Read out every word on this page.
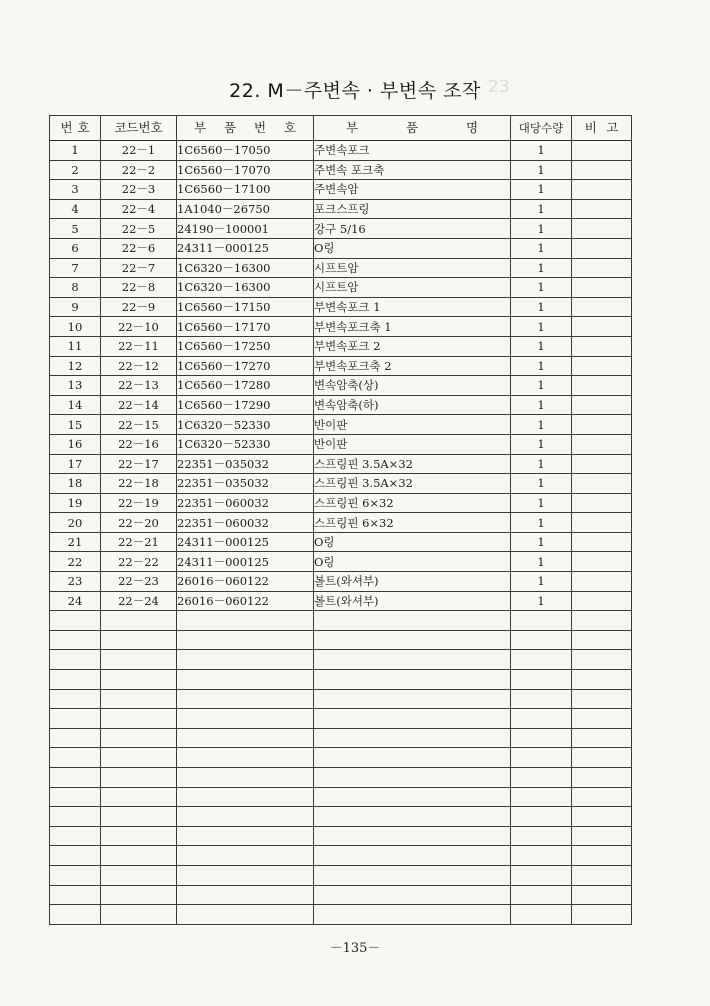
23
22. M－주변속 · 부변속 조작
번 호	코드번호	부 품 번 호	부 품 명	대당수량	비 고

1	22－1	1C6560－17050	주변속포크	1	
2	22－2	1C6560－17070	주변속 포크축	1	
3	22－3	1C6560－17100	주변속암	1	
4	22－4	1A1040－26750	포크스프링	1	
5	22－5	24190－100001	강구 5/16	1	
6	22－6	24311－000125	O링	1	
7	22－7	1C6320－16300	시프트암	1	
8	22－8	1C6320－16300	시프트암	1	
9	22－9	1C6560－17150	부변속포크 1	1	
10	22－10	1C6560－17170	부변속포크축 1	1	
11	22－11	1C6560－17250	부변속포크 2	1	
12	22－12	1C6560－17270	부변속포크축 2	1	
13	22－13	1C6560－17280	변속암축(상)	1	
14	22－14	1C6560－17290	변속암축(하)	1	
15	22－15	1C6320－52330	반이판	1	
16	22－16	1C6320－52330	반이판	1	
17	22－17	22351－035032	스프링핀 3.5A×32	1	
18	22－18	22351－035032	스프링핀 3.5A×32	1	
19	22－19	22351－060032	스프링핀 6×32	1	
20	22－20	22351－060032	스프링핀 6×32	1	
21	22－21	24311－000125	O링	1	
22	22－22	24311－000125	O링	1	
23	22－23	26016－060122	볼트(와셔부)	1	
24	22－24	26016－060122	볼트(와셔부)	1	

－135－
